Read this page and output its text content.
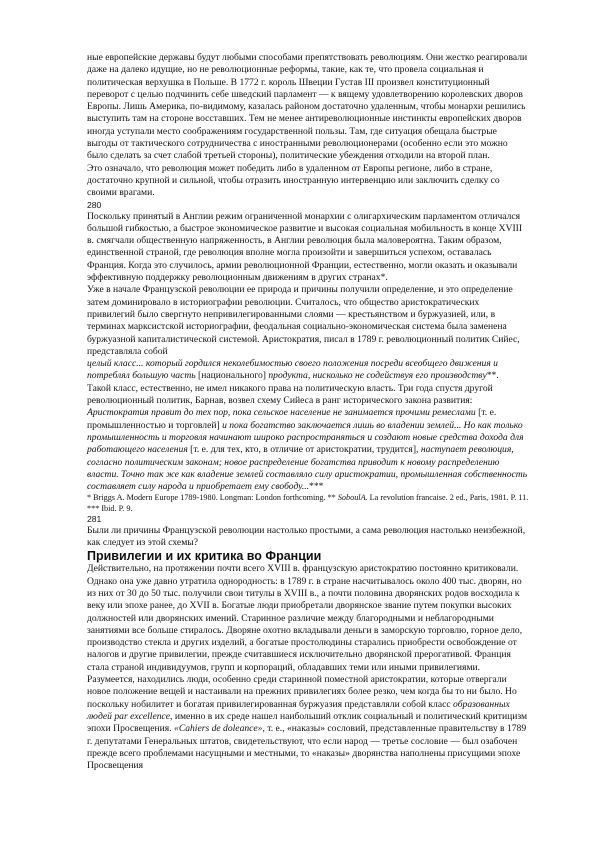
ные европейские державы будут любыми способами препятствовать революциям. Они жестко реагировали даже на далеко идущие, но не революционные реформы, такие, как те, что провела социальная и политическая верхушка в Польше. В 1772 г. король Швеции Густав III произвел конституционный переворот с целью подчинить себе шведский парламент — к вящему удовлетворению королевских дворов Европы. Лишь Америка, по-видимому, казалась районом достаточно удаленным, чтобы монархи решились выступить там на стороне восставших. Тем не менее антиреволюционные инстинкты европейских дворов иногда уступали место соображениям государственной пользы. Там, где ситуация обещала быстрые выгоды от тактического сотрудничества с иностранными революционерами (особенно если это можно было сделать за счет слабой третьей стороны), политические убеждения отходили на второй план.

Это означало, что революция может победить либо в удаленном от Европы регионе, либо в стране, достаточно крупной и сильной, чтобы отразить иностранную интервенцию или заключить сделку со своими врагами.

280

Поскольку принятый в Англии режим ограниченной монархии с олигархическим парламентом отличался большой гибкостью, а быстрое экономическое развитие и высокая социальная мобильность в конце XVIII в. смягчали общественную напряженность, в Англии революция была маловероятна. Таким образом, единственной страной, где революция вполне могла произойти и завершиться успехом, оставалась Франция. Когда это случилось, армии революционной Франции, естественно, могли оказать и оказывали эффективную поддержку революционным движениям в других странах*.

Уже в начале Французской революции ее природа и причины получили определение, и это определение затем доминировало в историографии революции. Считалось, что общество аристократических привилегий было свергнуто непривилегированными слоями — крестьянством и буржуазией, или, в терминах марксистской историографии, феодальная социально-экономическая система была заменена буржуазной капиталистической системой. Аристократия, писал в 1789 г. революционный политик Сийес, представляла собой

целый класс... который гордился неколебимостью своего положения посреди всеобщего движения и потреблял большую часть [национального] продукта, нисколько не содействуя его производству**.

Такой класс, естественно, не имел никакого права на политическую власть. Три года спустя другой революционный политик, Барнав, возвел схему Сийеса в ранг исторического закона развития:

Аристократия правит до тех пор, пока сельское население не занимается прочими ремеслами [т. е. промышленностью и торговлей] и пока богатство заключается лишь во владении землей... Но как только промышленность и торговля начинают широко распространяться и создают новые средства дохода для работающего населения [т. е. для тех, кто, в отличие от аристократии, трудится], наступает революция, согласно политическим законам; новое распределение богатства приводит к новому распределению власти. Точно так же как владение землей составляло силу аристократии, промышленная собственность составляет силу народа и приобретает ему свободу...***

* Briggs A. Modern Europe 1789-1980. Longman: London forthcoming. ** SoboulA. La revolution francaise. 2 ed., Paris, 1981. P. 11. *** Ibid. P. 9.

281

Были ли причины Французской революции настолько простыми, а сама революция настолько неизбежной, как следует из этой схемы?

Привилегии и их критика во Франции

Действительно, на протяжении почти всего XVIII в. французскую аристократию постоянно критиковали. Однако она уже давно утратила однородность: в 1789 г. в стране насчитывалось около 400 тыс. дворян, но из них от 30 до 50 тыс. получили свои титулы в XVIII в., а почти половина дворянских родов восходила к веку или эпохе ранее, до XVII в. Богатые люди приобретали дворянское звание путем покупки высоких должностей или дворянских имений. Старинное различие между благородными и неблагородными занятиями все больше стиралось. Дворяне охотно вкладывали деньги в заморскую торговлю, горное дело, производство стекла и других изделий, а богатые простолюдины старались приобрести освобождение от налогов и другие привилегии, прежде считавшиеся исключительно дворянской прерогативой. Франция стала страной индивидуумов, групп и корпораций, обладавших теми или иными привилегиями. Разумеется, находились люди, особенно среди старинной поместной аристократии, которые отвергали новое положение вещей и настаивали на прежних привилегиях более резко, чем когда бы то ни было. Но поскольку нобилитет и богатая привилегированная буржуазия представляли собой класс образованных людей par excellence, именно в их среде нашел наибольший отклик социальный и политический критицизм эпохи Просвещения. «Cahiers de doleance», т. е., «наказы» сословий, представленные правительству в 1789 г. депутатами Генеральных штатов, свидетельствуют, что если народ — третье сословие — был озабочен прежде всего проблемами насущными и местными, то «наказы» дворянства наполнены присущими эпохе Просвещения
